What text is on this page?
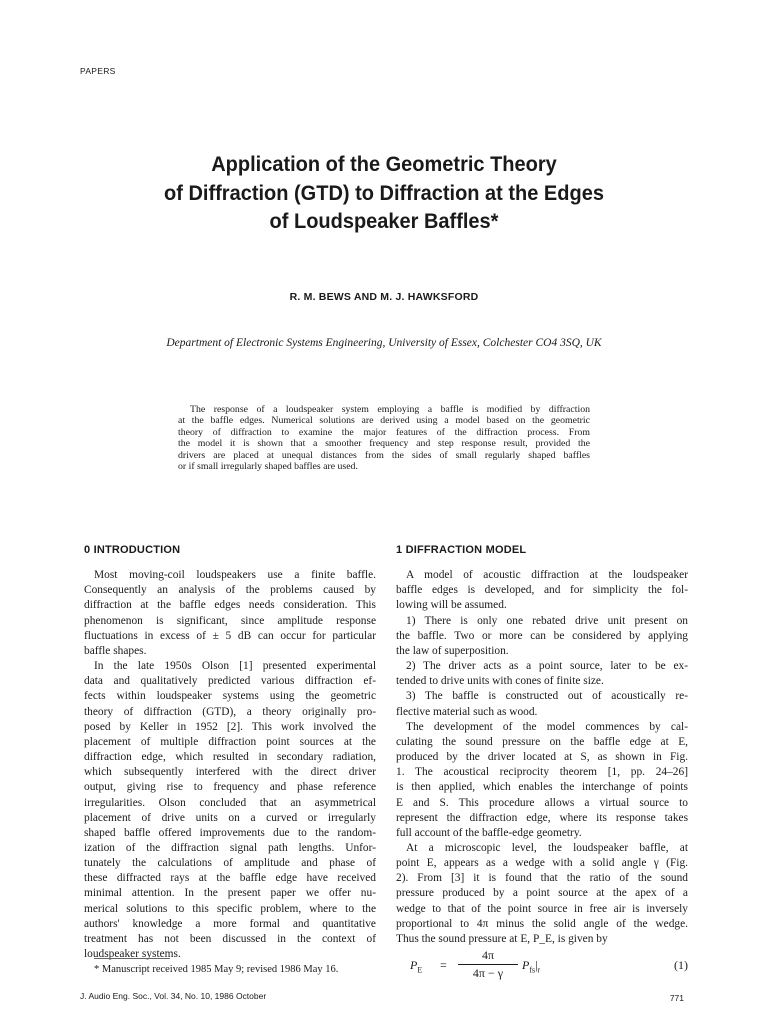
PAPERS
Application of the Geometric Theory
of Diffraction (GTD) to Diffraction at the Edges
of Loudspeaker Baffles*
R. M. BEWS AND M. J. HAWKSFORD
Department of Electronic Systems Engineering, University of Essex, Colchester CO4 3SQ, UK
The response of a loudspeaker system employing a baffle is modified by diffraction
at the baffle edges. Numerical solutions are derived using a model based on the geometric
theory of diffraction to examine the major features of the diffraction process. From
the model it is shown that a smoother frequency and step response result, provided the
drivers are placed at unequal distances from the sides of small regularly shaped baffles
or if small irregularly shaped baffles are used.
0 INTRODUCTION
Most moving-coil loudspeakers use a finite baffle.
Consequently an analysis of the problems caused by
diffraction at the baffle edges needs consideration. This
phenomenon is significant, since amplitude response
fluctuations in excess of ± 5 dB can occur for particular
baffle shapes.
In the late 1950s Olson [1] presented experimental
data and qualitatively predicted various diffraction ef-
fects within loudspeaker systems using the geometric
theory of diffraction (GTD), a theory originally pro-
posed by Keller in 1952 [2]. This work involved the
placement of multiple diffraction point sources at the
diffraction edge, which resulted in secondary radiation,
which subsequently interfered with the direct driver
output, giving rise to frequency and phase reference
irregularities. Olson concluded that an asymmetrical
placement of drive units on a curved or irregularly
shaped baffle offered improvements due to the random-
ization of the diffraction signal path lengths. Unfor-
tunately the calculations of amplitude and phase of
these diffracted rays at the baffle edge have received
minimal attention. In the present paper we offer nu-
merical solutions to this specific problem, where to the
authors' knowledge a more formal and quantitative
treatment has not been discussed in the context of
loudspeaker systems.
1 DIFFRACTION MODEL
A model of acoustic diffraction at the loudspeaker
baffle edges is developed, and for simplicity the fol-
lowing will be assumed.
1) There is only one rebated drive unit present on
the baffle. Two or more can be considered by applying
the law of superposition.
2) The driver acts as a point source, later to be ex-
tended to drive units with cones of finite size.
3) The baffle is constructed out of acoustically re-
flective material such as wood.
The development of the model commences by cal-
culating the sound pressure on the baffle edge at E,
produced by the driver located at S, as shown in Fig.
1. The acoustical reciprocity theorem [1, pp. 24–26]
is then applied, which enables the interchange of points
E and S. This procedure allows a virtual source to
represent the diffraction edge, where its response takes
full account of the baffle-edge geometry.
At a microscopic level, the loudspeaker baffle, at
point E, appears as a wedge with a solid angle γ (Fig.
2). From [3] it is found that the ratio of the sound
pressure produced by a point source at the apex of a
wedge to that of the point source in free air is inversely
proportional to 4π minus the solid angle of the wedge.
Thus the sound pressure at E, P_E, is given by
$P_E = \frac{4\pi}{4\pi - \gamma} P_{fs}|_r$	(1)
* Manuscript received 1985 May 9; revised 1986 May 16.
J. Audio Eng. Soc., Vol. 34, No. 10, 1986 October	771
